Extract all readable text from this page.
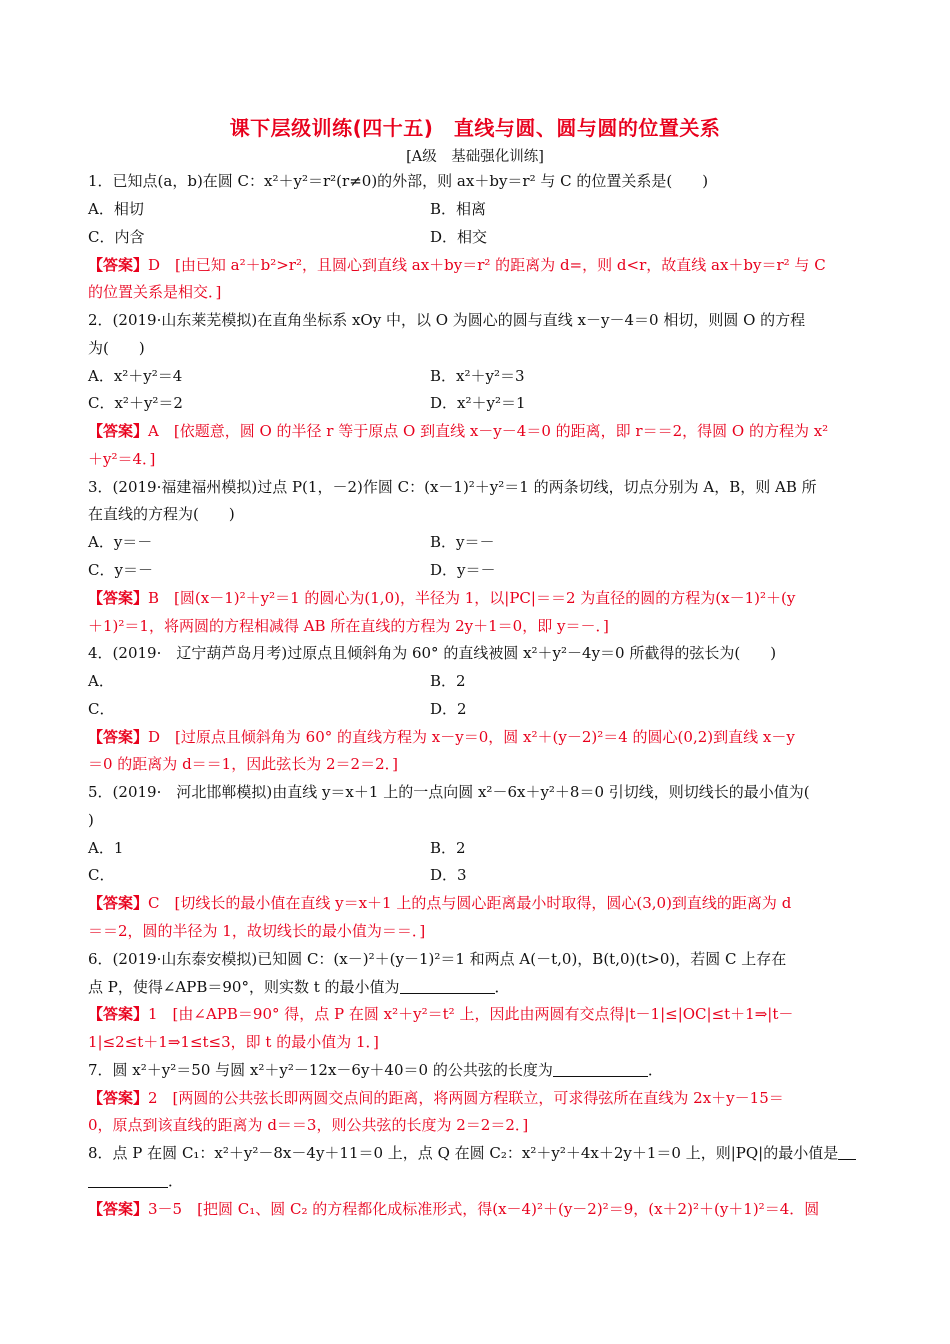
课下层级训练(四十五)　直线与圆、圆与圆的位置关系
[A级　基础强化训练]
1．已知点(a，b)在圆 C：x²＋y²＝r²(r≠0)的外部，则 ax＋by＝r² 与 C 的位置关系是(　　)
A．相切	B．相离
C．内含	D．相交
【答案】D　[由已知 a²＋b²>r²，且圆心到直线 ax＋by＝r² 的距离为 d=，则 d<r，故直线 ax＋by＝r² 与 C
的位置关系是相交．]
2．(2019·山东莱芜模拟)在直角坐标系 xOy 中，以 O 为圆心的圆与直线 x－y－4＝0 相切，则圆 O 的方程
为(　　)
A．x²＋y²＝4	B．x²＋y²＝3
C．x²＋y²＝2	D．x²＋y²＝1
【答案】A　[依题意，圆 O 的半径 r 等于原点 O 到直线 x－y－4＝0 的距离，即 r＝＝2，得圆 O 的方程为 x²
＋y²＝4．]
3．(2019·福建福州模拟)过点 P(1，－2)作圆 C：(x－1)²＋y²＝1 的两条切线，切点分别为 A，B，则 AB 所
在直线的方程为(　　)
A．y＝－	B．y＝－
C．y＝－	D．y＝－
【答案】B　[圆(x－1)²＋y²＝1 的圆心为(1,0)，半径为 1，以|PC|＝＝2 为直径的圆的方程为(x－1)²＋(y
＋1)²＝1，将两圆的方程相减得 AB 所在直线的方程为 2y＋1＝0，即 y＝－．]
4．(2019·　辽宁葫芦岛月考)过原点且倾斜角为 60° 的直线被圆 x²＋y²－4y＝0 所截得的弦长为(　　)
A．	B．2
C．	D．2
【答案】D　[过原点且倾斜角为 60° 的直线方程为 x－y＝0，圆 x²＋(y－2)²＝4 的圆心(0,2)到直线 x－y
＝0 的距离为 d＝＝1，因此弦长为 2＝2＝2．]
5．(2019·　河北邯郸模拟)由直线 y＝x＋1 上的一点向圆 x²－6x＋y²＋8＝0 引切线，则切线长的最小值为(
)
A．1	B．2
C．	D．3
【答案】C　[切线长的最小值在直线 y＝x＋1 上的点与圆心距离最小时取得，圆心(3,0)到直线的距离为 d
＝＝2，圆的半径为 1，故切线长的最小值为＝＝．]
6．(2019·山东泰安模拟)已知圆 C：(x－)²＋(y－1)²＝1 和两点 A(－t,0)，B(t,0)(t>0)，若圆 C 上存在
点 P，使得∠APB＝90°，则实数 t 的最小值为	．
【答案】1　[由∠APB＝90° 得，点 P 在圆 x²＋y²＝t² 上，因此由两圆有交点得|t－1|≤|OC|≤t＋1⇒|t－
1|≤2≤t＋1⇒1≤t≤3，即 t 的最小值为 1．]
7．圆 x²＋y²＝50 与圆 x²＋y²－12x－6y＋40＝0 的公共弦的长度为	．
【答案】2　[两圆的公共弦长即两圆交点间的距离，将两圆方程联立，可求得弦所在直线为 2x＋y－15＝
0，原点到该直线的距离为 d＝＝3，则公共弦的长度为 2＝2＝2．]
8．点 P 在圆 C₁：x²＋y²－8x－4y＋11＝0 上，点 Q 在圆 C₂：x²＋y²＋4x＋2y＋1＝0 上，则|PQ|的最小值是
．
【答案】3－5　[把圆 C₁、圆 C₂ 的方程都化成标准形式，得(x－4)²＋(y－2)²＝9，(x＋2)²＋(y＋1)²＝4．圆
